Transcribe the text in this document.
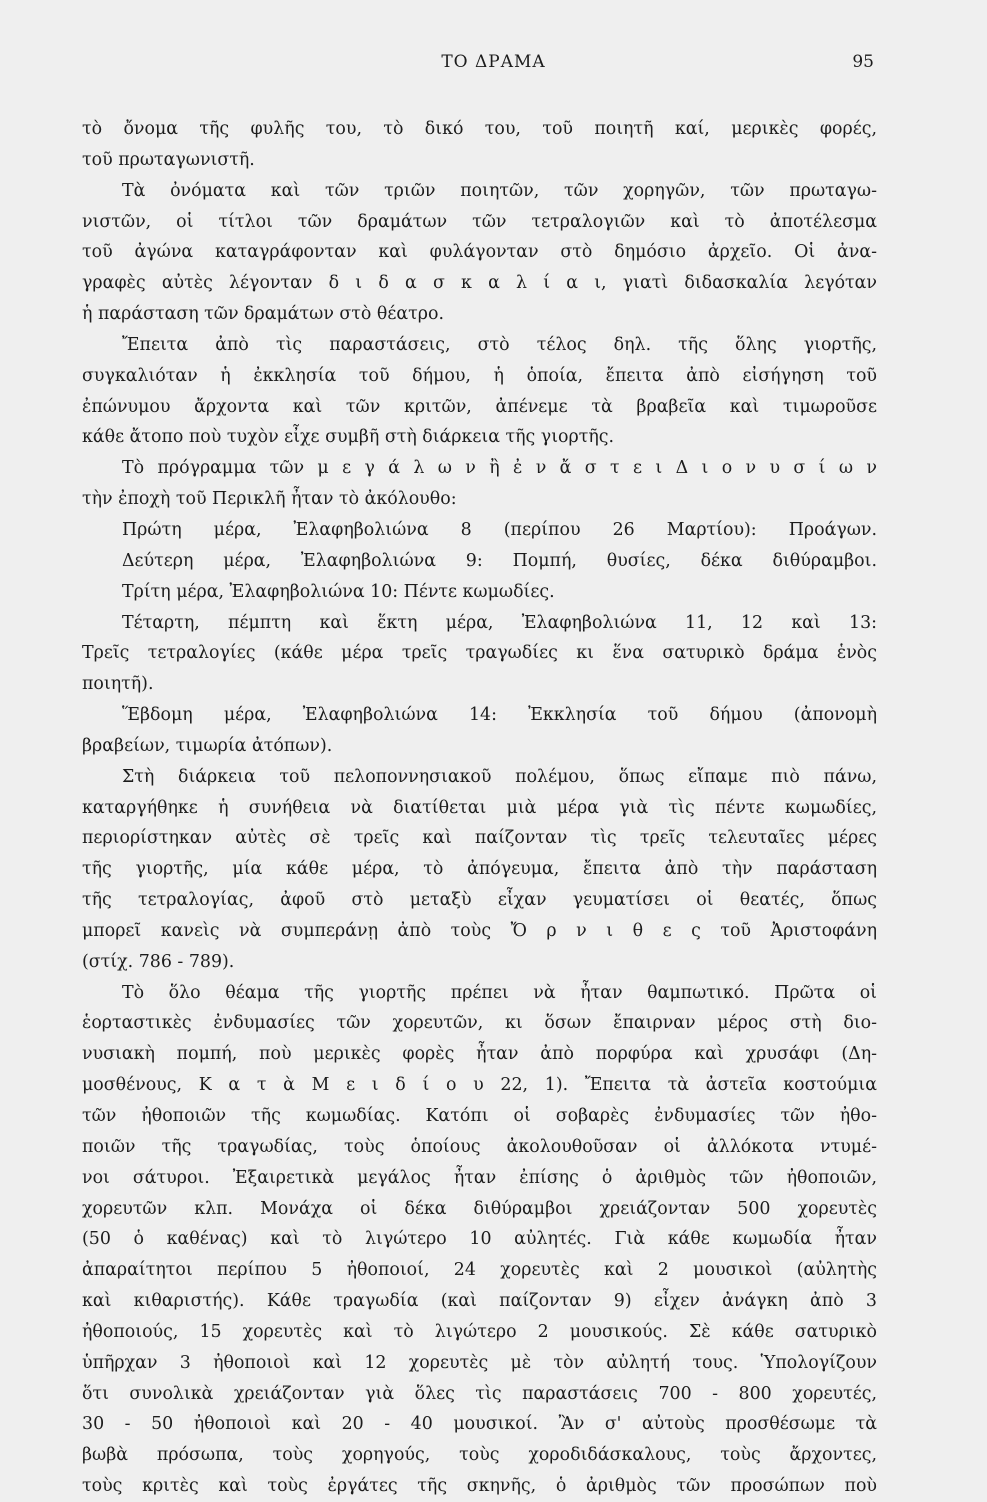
ΤΟ ΔΡΑΜΑ	95
τὸ ὄνομα τῆς φυλῆς του, τὸ δικό του, τοῦ ποιητῆ καί, μερικὲς φορές,
τοῦ πρωταγωνιστῆ.
Τὰ ὀνόματα καὶ τῶν τριῶν ποιητῶν, τῶν χορηγῶν, τῶν πρωταγω-
νιστῶν, οἱ τίτλοι τῶν δραμάτων τῶν τετραλογιῶν καὶ τὸ ἀποτέλεσμα
τοῦ ἀγώνα καταγράφονταν καὶ φυλάγονταν στὸ δημόσιο ἀρχεῖο. Οἱ ἀνα-
γραφὲς αὐτὲς λέγονταν δ ι δ α σ κ α λ ί α ι, γιατὶ διδασκαλία λεγόταν
ἡ παράσταση τῶν δραμάτων στὸ θέατρο.
Ἔπειτα ἀπὸ τὶς παραστάσεις, στὸ τέλος δηλ. τῆς ὅλης γιορτῆς,
συγκαλιόταν ἡ ἐκκλησία τοῦ δήμου, ἡ ὁποία, ἔπειτα ἀπὸ εἰσήγηση τοῦ
ἐπώνυμου ἄρχοντα καὶ τῶν κριτῶν, ἀπένεμε τὰ βραβεῖα καὶ τιμωροῦσε
κάθε ἄτοπο ποὺ τυχὸν εἶχε συμβῆ στὴ διάρκεια τῆς γιορτῆς.
Τὸ πρόγραμμα τῶν μ ε γ ά λ ω ν ἢ ἐ ν ἄ σ τ ε ι Δ ι ο ν υ σ ί ω ν
τὴν ἐποχὴ τοῦ Περικλῆ ἦταν τὸ ἀκόλουθο:
Πρώτη μέρα, Ἐλαφηβολιώνα 8 (περίπου 26 Μαρτίου): Προάγων.
Δεύτερη μέρα, Ἐλαφηβολιώνα 9: Πομπή, θυσίες, δέκα διθύραμβοι.
Τρίτη μέρα, Ἐλαφηβολιώνα 10: Πέντε κωμωδίες.
Τέταρτη, πέμπτη καὶ ἕκτη μέρα, Ἐλαφηβολιώνα 11, 12 καὶ 13:
Τρεῖς τετραλογίες (κάθε μέρα τρεῖς τραγωδίες κι ἕνα σατυρικὸ δράμα ἑνὸς
ποιητῆ).
Ἕβδομη μέρα, Ἐλαφηβολιώνα 14: Ἐκκλησία τοῦ δήμου (ἀπονομὴ
βραβείων, τιμωρία ἀτόπων).
Στὴ διάρκεια τοῦ πελοποννησιακοῦ πολέμου, ὅπως εἴπαμε πιὸ πάνω,
καταργήθηκε ἡ συνήθεια νὰ διατίθεται μιὰ μέρα γιὰ τὶς πέντε κωμωδίες,
περιορίστηκαν αὐτὲς σὲ τρεῖς καὶ παίζονταν τὶς τρεῖς τελευταῖες μέρες
τῆς γιορτῆς, μία κάθε μέρα, τὸ ἀπόγευμα, ἔπειτα ἀπὸ τὴν παράσταση
τῆς τετραλογίας, ἀφοῦ στὸ μεταξὺ εἶχαν γευματίσει οἱ θεατές, ὅπως
μπορεῖ κανεὶς νὰ συμπεράνῃ ἀπὸ τοὺς Ὄ ρ ν ι θ ε ς τοῦ Ἀριστοφάνη
(στίχ. 786 - 789).
Τὸ ὅλο θέαμα τῆς γιορτῆς πρέπει νὰ ἦταν θαμπωτικό. Πρῶτα οἱ
ἑορταστικὲς ἐνδυμασίες τῶν χορευτῶν, κι ὅσων ἔπαιρναν μέρος στὴ διο-
νυσιακὴ πομπή, ποὺ μερικὲς φορὲς ἦταν ἀπὸ πορφύρα καὶ χρυσάφι (Δη-
μοσθένους, Κ α τ ὰ Μ ε ι δ ί ο υ 22, 1). Ἔπειτα τὰ ἀστεῖα κοστούμια
τῶν ἠθοποιῶν τῆς κωμωδίας. Κατόπι οἱ σοβαρὲς ἐνδυμασίες τῶν ἠθο-
ποιῶν τῆς τραγωδίας, τοὺς ὁποίους ἀκολουθοῦσαν οἱ ἀλλόκοτα ντυμέ-
νοι σάτυροι. Ἐξαιρετικὰ μεγάλος ἦταν ἐπίσης ὁ ἀριθμὸς τῶν ἠθοποιῶν,
χορευτῶν κλπ. Μονάχα οἱ δέκα διθύραμβοι χρειάζονταν 500 χορευτὲς
(50 ὁ καθένας) καὶ τὸ λιγώτερο 10 αὐλητές. Γιὰ κάθε κωμωδία ἦταν
ἀπαραίτητοι περίπου 5 ἠθοποιοί, 24 χορευτὲς καὶ 2 μουσικοὶ (αὐλητὴς
καὶ κιθαριστής). Κάθε τραγωδία (καὶ παίζονταν 9) εἶχεν ἀνάγκη ἀπὸ 3
ἠθοποιούς, 15 χορευτὲς καὶ τὸ λιγώτερο 2 μουσικούς. Σὲ κάθε σατυρικὸ
ὑπῆρχαν 3 ἠθοποιοὶ καὶ 12 χορευτὲς μὲ τὸν αὐλητή τους. Ὑπολογίζουν
ὅτι συνολικὰ χρειάζονταν γιὰ ὅλες τὶς παραστάσεις 700 - 800 χορευτές,
30 - 50 ἠθοποιοὶ καὶ 20 - 40 μουσικοί. Ἂν σ' αὐτοὺς προσθέσωμε τὰ
βωβὰ πρόσωπα, τοὺς χορηγούς, τοὺς χοροδιδάσκαλους, τοὺς ἄρχοντες,
τοὺς κριτὲς καὶ τοὺς ἐργάτες τῆς σκηνῆς, ὁ ἀριθμὸς τῶν προσώπων ποὺ
